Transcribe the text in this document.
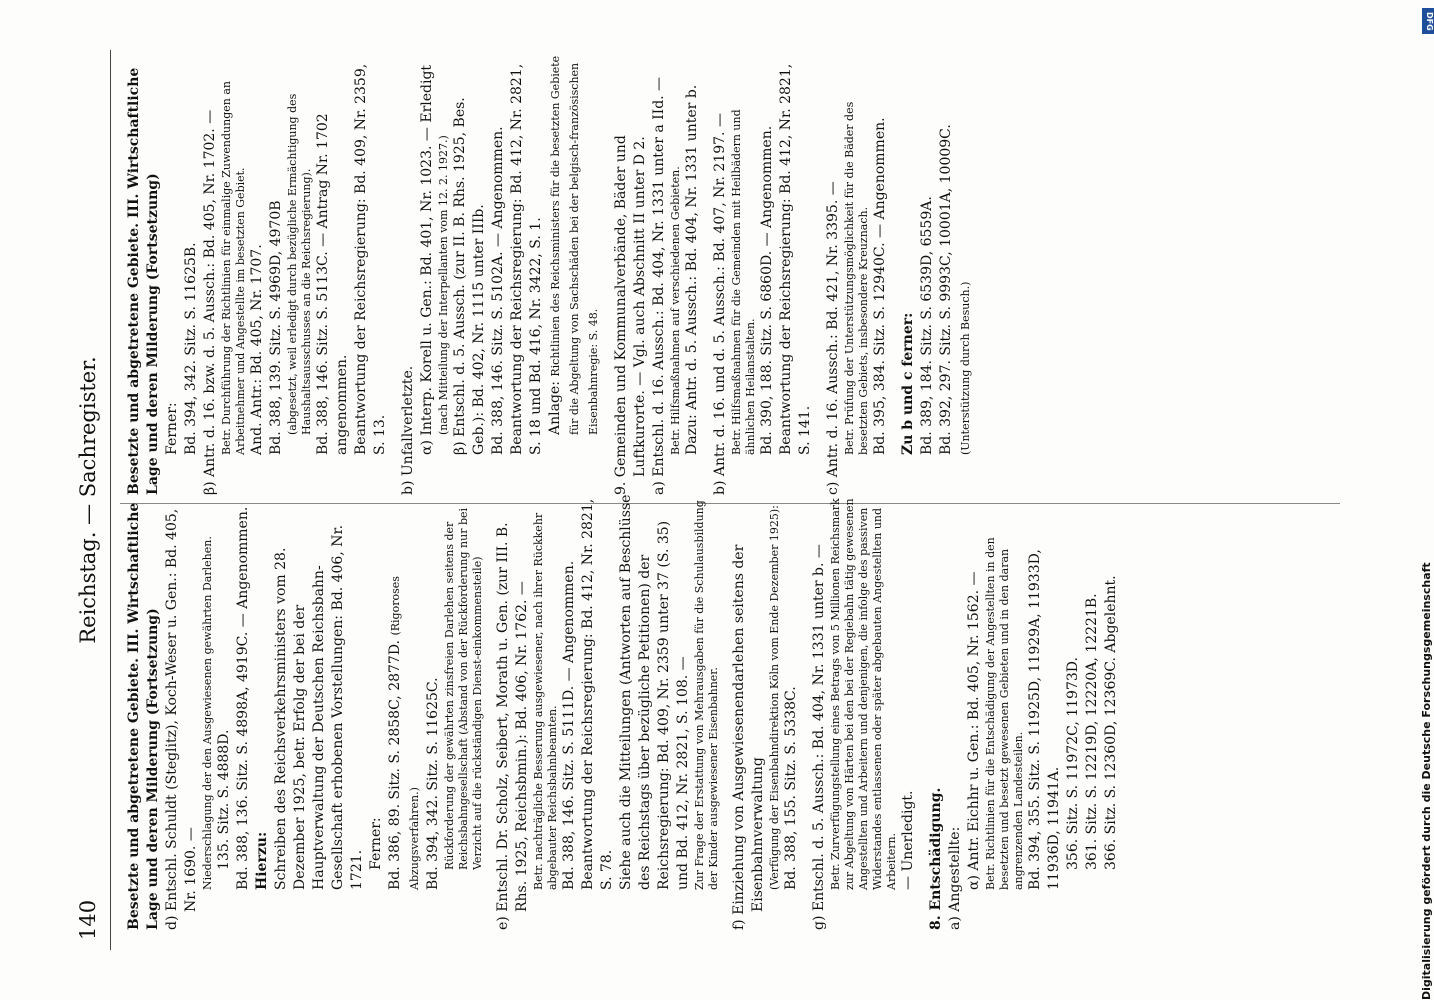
140
Reichstag. — Sachregister.

Besetzte und abgetretene Gebiete. III. Wirtschaftliche Lage und deren Milderung (Fortsetzung) d) Entschl. Schuldt (Steglitz), Koch-Weser u. Gen.: Bd. 405, Nr. 1690. — Niederschlagung der den Ausgewiesenen gewährten Darlehen. 135. Sitz. S. 4888D. Bd. 388, 136. Sitz. S. 4898A, 4919C. — Angenommen. Hierzu: Schreiben des Reichsverkehrsministers vom 28. Dezember 1925, betr. Erfolg der bei der Hauptverwaltung der Deutschen Reichsbahn-Gesellschaft erhobenen Vorstellungen: Bd. 406, Nr. 1721. Ferner: Bd. 386, 89. Sitz. S. 2858C, 2877D. (Rigoroses Abzugsverfahren.) Bd. 394, 342. Sitz. S. 11625C. Rückforderung der gewährten zinsfreien Darlehen seitens der Reichsbahngesellschaft (Abstand von der Rückforderung nur bei Verzicht auf die rückständigen Dienst-einkommensteile) e) Entschl. Dr. Scholz, Seibert, Morath u. Gen. (zur III. B. Rhs. 1925, Reichsbmin.): Bd. 406, Nr. 1762. — Betr. nachträgliche Besserung ausgewiesener, nach ihrer Rückkehr abgebauter Reichsbahnbeamten. Bd. 388, 146. Sitz. S. 5111D. — Angenommen. Beantwortung der Reichsregierung: Bd. 412, Nr. 2821, S. 78. Siehe auch die Mitteilungen (Antworten auf Beschlüsse des Reichstags über bezügliche Petitionen) der Reichsregierung: Bd. 409, Nr. 2359 unter 37 (S. 35) und Bd. 412, Nr. 2821, S. 108. — Zur Frage der Erstattung von Mehrausgaben für die Schulausbildung der Kinder ausgewiesener Eisenbahner. f) Einziehung von Ausgewiesenendarlehen seitens der Eisenbahnverwaltung (Verfügung der Eisenbahndirektion Köln vom Ende Dezember 1925): Bd. 388, 155. Sitz. S. 5338C. g) Entschl. d. 5. Aussch.: Bd. 404, Nr. 1331 unter b. — Betr. Zurverfügungstellung eines Betrags von 5 Millionen Reichsmark zur Abgeltung von Härten bei den bei der Regiebahn tätig gewesenen Angestellten und Arbeitern und denjenigen, die infolge des passiven Widerstandes entlassenen oder später abgebauten Angestellten und Arbeitern. — Unerledigt. 8. Entschädigung. a) Angestellte: α) Antr. Eichhr u. Gen.: Bd. 405, Nr. 1562. — Betr. Richtlinien für die Entschädigung der Angestellten in den besetzten und besetzt gewesenen Gebieten und in den daran angrenzenden Landesteilen. Bd. 394, 355. Sitz. S. 11925D, 11929A, 11933D, 11936D, 11941A. 356. Sitz. S. 11972C, 11973D. 361. Sitz. S. 12219D, 12220A, 12221B. 366. Sitz. S. 12360D, 12369C. Abgelehnt.

Besetzte und abgetretene Gebiete. III. Wirtschaftliche Lage und deren Milderung (Fortsetzung) Ferner: Bd. 394, 342. Sitz. S. 11625B. β) Antr. d. 16. bzw. d. 5. Aussch.: Bd. 405, Nr. 1702. — Betr. Durchführung der Richtlinien für einmalige Zuwendungen an Arbeitnehmer und Angestellte im besetzten Gebiet. And. Antr.: Bd. 405, Nr. 1707. Bd. 388, 139. Sitz. S. 4969D, 4970B (abgesetzt, weil erledigt durch bezügliche Ermächtigung des Haushaltsausschusses an die Reichsregierung). Bd. 388, 146. Sitz. S. 5113C. — Antrag Nr. 1702 angenommen. Beantwortung der Reichsregierung: Bd. 409, Nr. 2359, S. 13. b) Unfallverletzte. α) Interp. Korell u. Gen.: Bd. 401, Nr. 1023. — Erledigt (nach Mitteilung der Interpellanten vom 12. 2. 1927.) β) Entschl. d. 5. Aussch. (zur II. B. Rhs. 1925, Bes. Geb.): Bd. 402, Nr. 1115 unter IIIb. Bd. 388, 146. Sitz. S. 5102A. — Angenommen. Beantwortung der Reichsregierung: Bd. 412, Nr. 2821, S. 18 und Bd. 416, Nr. 3422, S. 1. Anlage: Richtlinien des Reichsministers für die besetzten Gebiete für die Abgeltung von Sachschäden bei der belgisch-französischen Eisenbahnregie: S. 48. 9. Gemeinden und Kommunalverbände, Bäder und Luftkurorte. — Vgl. auch Abschnitt II unter D 2. a) Entschl. d. 16. Aussch.: Bd. 404, Nr. 1331 unter a IId. — Betr. Hilfsmaßnahmen auf verschiedenen Gebieten. Dazu: Antr. d. 5. Aussch.: Bd. 404, Nr. 1331 unter b. b) Antr. d. 16. und d. 5. Aussch.: Bd. 407, Nr. 2197. — Betr. Hilfsmaßnahmen für die Gemeinden mit Heilbädern und ähnlichen Heilanstalten. Bd. 390, 188. Sitz. S. 6860D. — Angenommen. Beantwortung der Reichsregierung: Bd. 412, Nr. 2821, S. 141. c) Antr. d. 16. Aussch.: Bd. 421, Nr. 3395. — Betr. Prüfung der Unterstützungsmöglichkeit für die Bäder des besetzten Gebiets, insbesondere Kreuznach. Bd. 395, 384. Sitz. S. 12940C. — Angenommen. Zu b und c ferner: Bd. 389, 184. Sitz. S. 6539D, 6559A. Bd. 392, 297. Sitz. S. 9993C, 10001A, 10009C. (Unterstützung durch Besuch.)

DFG
Digitalisierung gefördert durch die Deutsche Forschungsgemeinschaft
